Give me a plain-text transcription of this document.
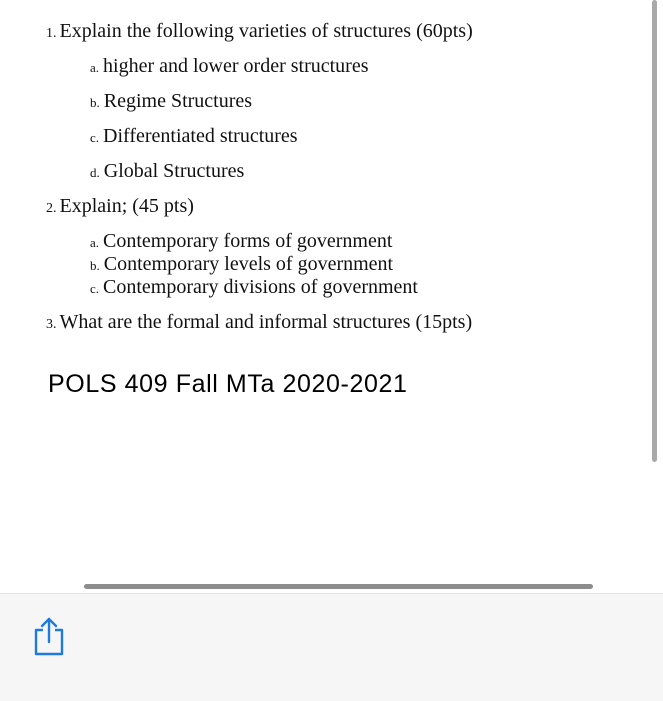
1. Explain the following varieties of structures (60pts)
a. higher and lower order structures
b. Regime Structures
c. Differentiated structures
d. Global Structures
2. Explain; (45 pts)
a. Contemporary forms of government
b. Contemporary levels of government
c. Contemporary divisions of government
3. What are the formal and informal structures (15pts)
POLS 409 Fall MTa 2020-2021
